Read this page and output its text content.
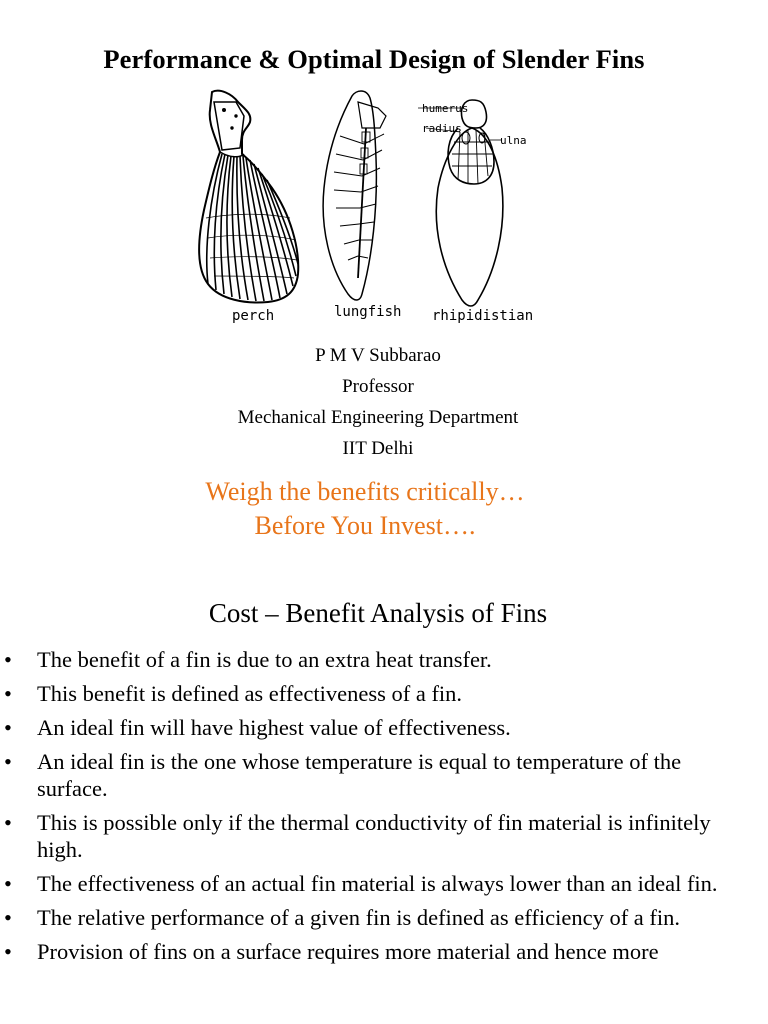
Performance & Optimal Design of Slender Fins
perch	lungfish rhipidistian
humerus
radius
ulna
P M V Subbarao
Professor
Mechanical Engineering Department
IIT Delhi
Weigh the benefits critically…
Before You Invest….
Cost – Benefit Analysis of Fins
• The benefit of a fin is due to an extra heat transfer.
• This benefit is defined as effectiveness of a fin.
• An ideal fin will have highest value of effectiveness.
• An ideal fin is the one whose temperature is equal to temperature of the surface.
• This is possible only if the thermal conductivity of fin material is infinitely high.
• The effectiveness of an actual fin material is always lower than an ideal fin.
• The relative performance of a given fin is defined as efficiency of a fin.
• Provision of fins on a surface requires more material and hence more
